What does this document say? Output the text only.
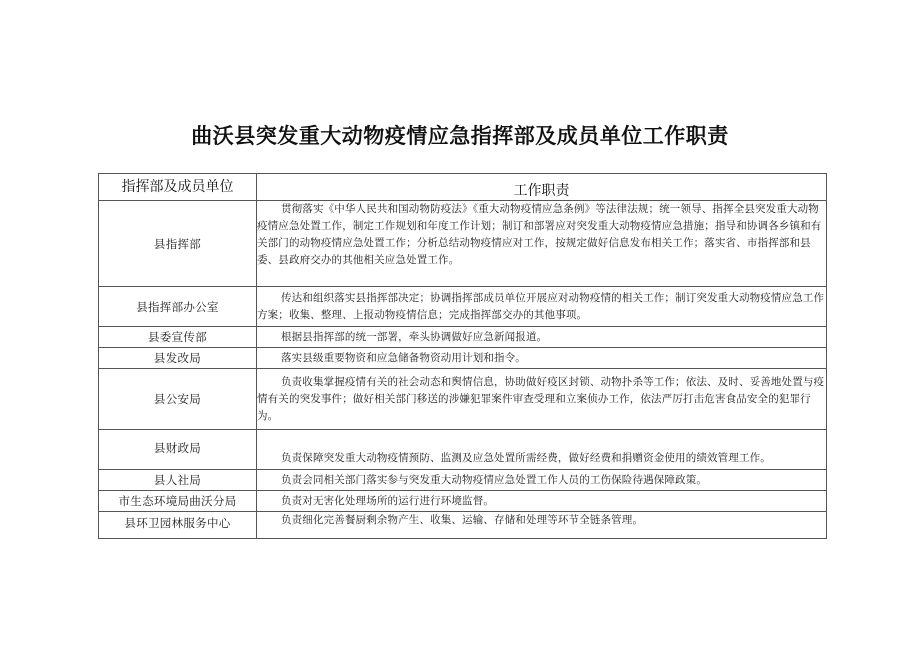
曲沃县突发重大动物疫情应急指挥部及成员单位工作职责
指挥部及成员单位	工作职责
县指挥部	贯彻落实《中华人民共和国动物防疫法》《重大动物疫情应急条例》等法律法规；统一领导、指挥全县突发重大动物疫情应急处置工作，制定工作规划和年度工作计划；制订和部署应对突发重大动物疫情应急措施；指导和协调各乡镇和有关部门的动物疫情应急处置工作；分析总结动物疫情应对工作，按规定做好信息发布相关工作；落实省、市指挥部和县委、县政府交办的其他相关应急处置工作。
县指挥部办公室	传达和组织落实县指挥部决定；协调指挥部成员单位开展应对动物疫情的相关工作；制订突发重大动物疫情应急工作方案；收集、整理、上报动物疫情信息；完成指挥部交办的其他事项。
县委宣传部	根据县指挥部的统一部署，牵头协调做好应急新闻报道。
县发改局	落实县级重要物资和应急储备物资动用计划和指令。
县公安局	负责收集掌握疫情有关的社会动态和舆情信息，协助做好疫区封锁、动物扑杀等工作；依法、及时、妥善地处置与疫情有关的突发事件；做好相关部门移送的涉嫌犯罪案件审查受理和立案侦办工作，依法严厉打击危害食品安全的犯罪行为。
县财政局	负责保障突发重大动物疫情预防、监测及应急处置所需经费，做好经费和捐赠资金使用的绩效管理工作。
县人社局	负责会同相关部门落实参与突发重大动物疫情应急处置工作人员的工伤保险待遇保障政策。
市生态环境局曲沃分局	负责对无害化处理场所的运行进行环境监督。
县环卫园林服务中心	负责细化完善餐厨剩余物产生、收集、运输、存储和处理等环节全链条管理。
